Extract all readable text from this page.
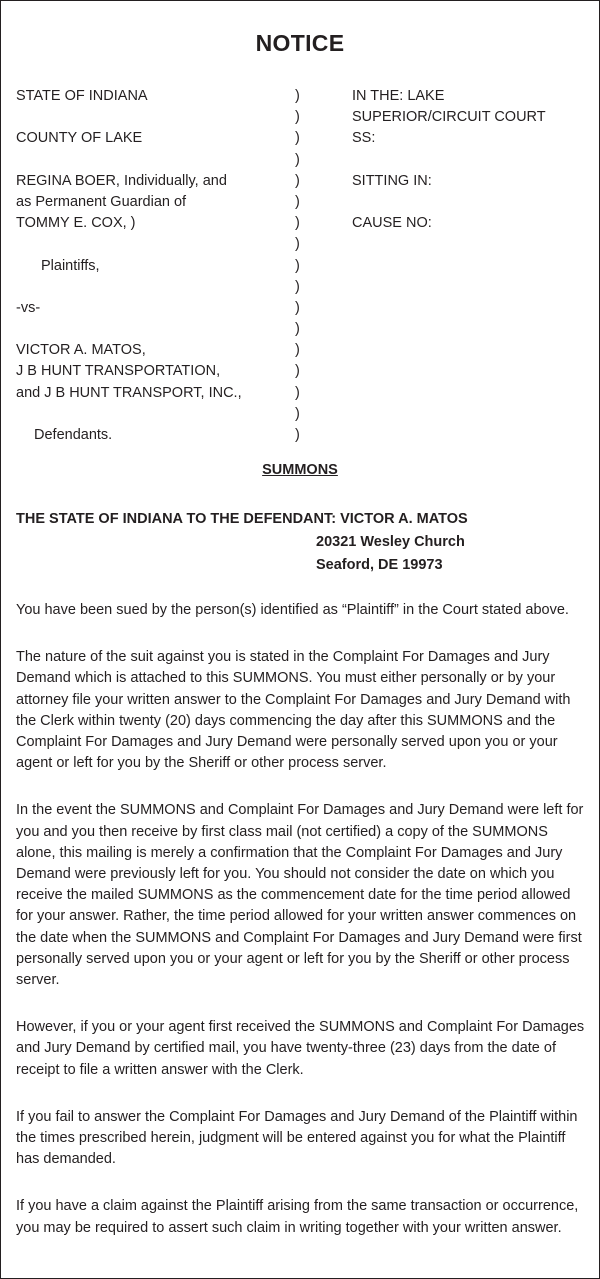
NOTICE
STATE OF INDIANA
COUNTY OF LAKE
REGINA BOER, Individually, and
as Permanent Guardian of
TOMMY E. COX, )
Plaintiffs,
-vs-
VICTOR A. MATOS,
J B HUNT TRANSPORTATION,
and J B HUNT TRANSPORT, INC.,
Defendants.
)
)
)
)
)
)
)
)
)
)
)
)
)
)
)
)
)
IN THE: LAKE SUPERIOR/CIRCUIT COURT
SS:
SITTING IN:
CAUSE NO:
SUMMONS
THE STATE OF INDIANA TO THE DEFENDANT: VICTOR A. MATOS
20321 Wesley Church
Seaford, DE 19973

You have been sued by the person(s) identified as “Plaintiff” in the Court stated above.

The nature of the suit against you is stated in the Complaint For Damages and Jury Demand which is attached to this SUMMONS. You must either personally or by your attorney file your written answer to the Complaint For Damages and Jury Demand with the Clerk within twenty (20) days commencing the day after this SUMMONS and the Complaint For Damages and Jury Demand were personally served upon you or your agent or left for you by the Sheriff or other process server.

In the event the SUMMONS and Complaint For Damages and Jury Demand were left for you and you then receive by first class mail (not certified) a copy of the SUMMONS alone, this mailing is merely a confirmation that the Complaint For Damages and Jury Demand were previously left for you. You should not consider the date on which you receive the mailed SUMMONS as the commencement date for the time period allowed for your answer. Rather, the time period allowed for your written answer commences on the date when the SUMMONS and Complaint For Damages and Jury Demand were first personally served upon you or your agent or left for you by the Sheriff or other process server.

However, if you or your agent first received the SUMMONS and Complaint For Damages and Jury Demand by certified mail, you have twenty-three (23) days from the date of receipt to file a written answer with the Clerk.

If you fail to answer the Complaint For Damages and Jury Demand of the Plaintiff within the times prescribed herein, judgment will be entered against you for what the Plaintiff has demanded.

If you have a claim against the Plaintiff arising from the same transaction or occurrence, you may be required to assert such claim in writing together with your written answer.
